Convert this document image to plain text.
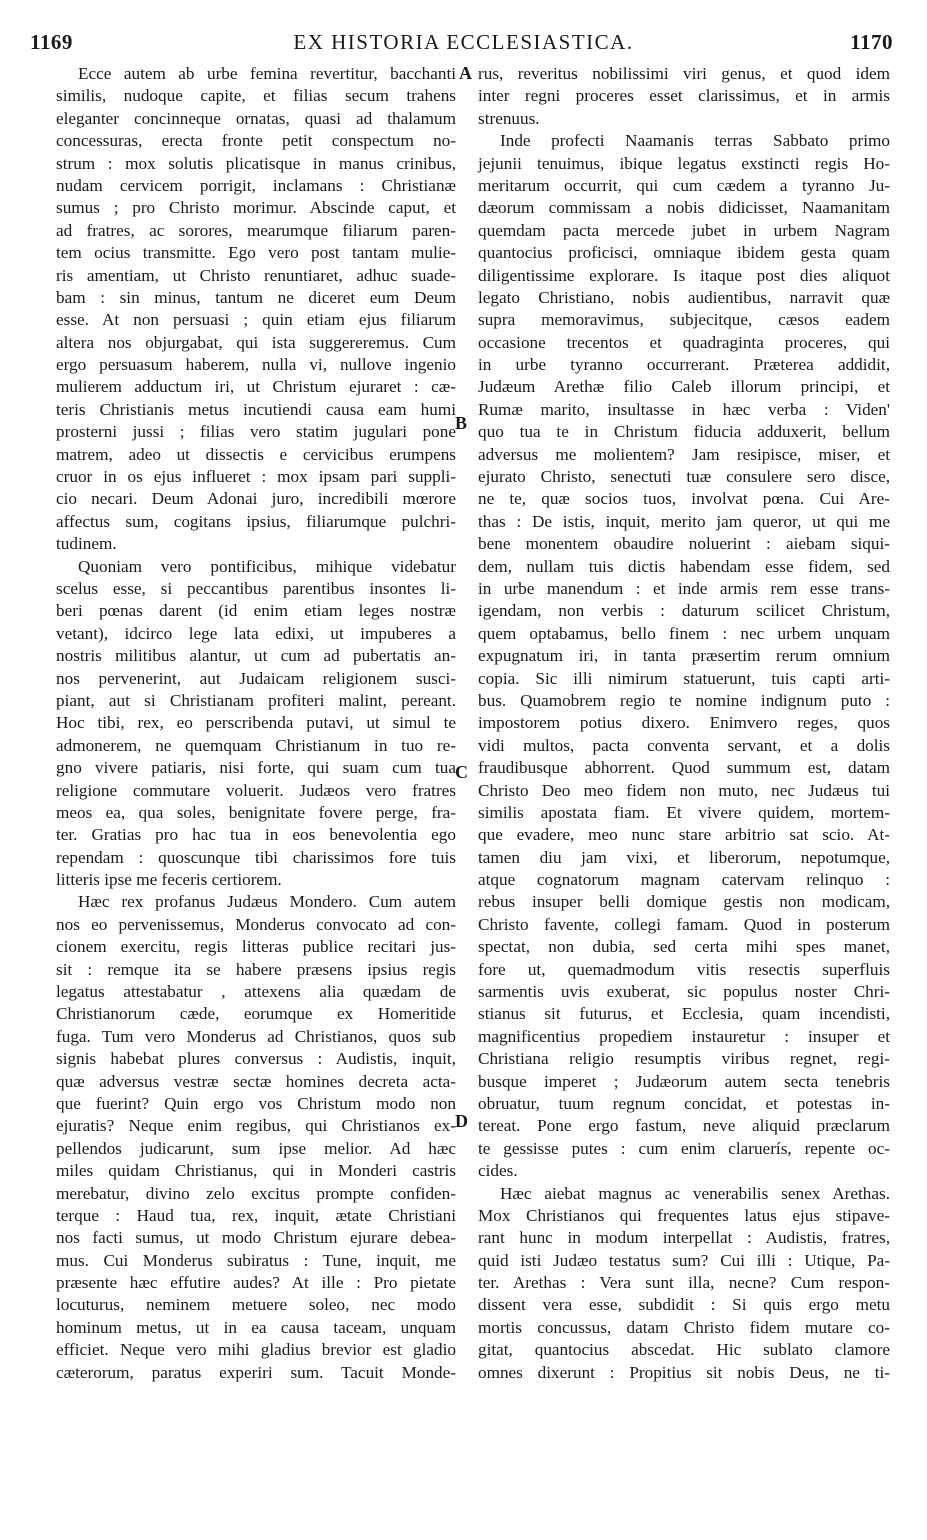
1169	EX HISTORIA ECCLESIASTICA.	1170
Ecce autem ab urbe femina revertitur, bacchanti
similis, nudoque capite, et filias secum trahens
eleganter concinneque ornatas, quasi ad thalamum
concessuras, erecta fronte petit conspectum no-
strum : mox solutis plicatisque in manus crinibus,
nudam cervicem porrigit, inclamans : Christianæ
sumus ; pro Christo morimur. Abscinde caput, et
ad fratres, ac sorores, mearumque filiarum paren-
tem ocius transmitte. Ego vero post tantam mulie-
ris amentiam, ut Christo renuntiaret, adhuc suade-
bam : sin minus, tantum ne diceret eum Deum
esse. At non persuasi ; quin etiam ejus filiarum
altera nos objurgabat, qui ista suggereremus. Cum
ergo persuasum haberem, nulla vi, nullove ingenio
mulierem adductum iri, ut Christum ejuraret : cæ-
teris Christianis metus incutiendi causa eam humi
prosterni jussi ; filias vero statim jugulari pone
matrem, adeo ut dissectis e cervicibus erumpens
cruor in os ejus influeret : mox ipsam pari suppli-
cio necari. Deum Adonai juro, incredibili mœrore
affectus sum, cogitans ipsius, filiarumque pulchri-
tudinem.
Quoniam vero pontificibus, mihique videbatur
scelus esse, si peccantibus parentibus insontes li-
beri pœnas darent (id enim etiam leges nostræ
vetant), idcirco lege lata edixi, ut impuberes a
nostris militibus alantur, ut cum ad pubertatis an-
nos pervenerint, aut Judaicam religionem susci-
piant, aut si Christianam profiteri malint, pereant.
Hoc tibi, rex, eo perscribenda putavi, ut simul te
admonerem, ne quemquam Christianum in tuo re-
gno vivere patiaris, nisi forte, qui suam cum tua
religione commutare voluerit. Judæos vero fratres
meos ea, qua soles, benignitate fovere perge, fra-
ter. Gratias pro hac tua in eos benevolentia ego
rependam : quoscunque tibi charissimos fore tuis
litteris ipse me feceris certiorem.
Hæc rex profanus Judæus Mondero. Cum autem
nos eo pervenissemus, Monderus convocato ad con-
cionem exercitu, regis litteras publice recitari jus-
sit : remque ita se habere præsens ipsius regis
legatus attestabatur , attexens alia quædam de
Christianorum cæde, eorumque ex Homeritide
fuga. Tum vero Monderus ad Christianos, quos sub
signis habebat plures conversus : Audistis, inquit,
quæ adversus vestræ sectæ homines decreta acta-
que fuerint? Quin ergo vos Christum modo non
ejuratis? Neque enim regibus, qui Christianos ex-
pellendos judicarunt, sum ipse melior. Ad hæc
miles quidam Christianus, qui in Monderi castris
merebatur, divino zelo excitus prompte confiden-
terque : Haud tua, rex, inquit, ætate Christiani
nos facti sumus, ut modo Christum ejurare debea-
mus. Cui Monderus subiratus : Tune, inquit, me
præsente hæc effutire audes? At ille : Pro pietate
locuturus, neminem metuere soleo, nec modo
hominum metus, ut in ea causa taceam, unquam
efficiet. Neque vero mihi gladius brevior est gladio
cæterorum, paratus experiri sum. Tacuit Monde-
rus, reveritus nobilissimi viri genus, et quod idem
inter regni proceres esset clarissimus, et in armis
strenuus.
Inde profecti Naamanis terras Sabbato primo
jejunii tenuimus, ibique legatus exstincti regis Ho-
meritarum occurrit, qui cum cædem a tyranno Ju-
dæorum commissam a nobis didicisset, Naamanitam
quemdam pacta mercede jubet in urbem Nagram
quantocius proficisci, omniaque ibidem gesta quam
diligentissime explorare. Is itaque post dies aliquot
legato Christiano, nobis audientibus, narravit quæ
supra memoravimus, subjecitque, cæsos eadem
occasione trecentos et quadraginta proceres, qui
in urbe tyranno occurrerant. Præterea addidit,
Judæum Arethæ filio Caleb illorum principi, et
Rumæ marito, insultasse in hæc verba : Viden'
quo tua te in Christum fiducia adduxerit, bellum
adversus me molientem? Jam resipisce, miser, et
ejurato Christo, senectuti tuæ consulere sero disce,
ne te, quæ socios tuos, involvat pœna. Cui Are-
thas : De istis, inquit, merito jam queror, ut qui me
bene monentem obaudire noluerint : aiebam siqui-
dem, nullam tuis dictis habendam esse fidem, sed
in urbe manendum : et inde armis rem esse trans-
igendam, non verbis : daturum scilicet Christum,
quem optabamus, bello finem : nec urbem unquam
expugnatum iri, in tanta præsertim rerum omnium
copia. Sic illi nimirum statuerunt, tuis capti arti-
bus. Quamobrem regio te nomine indignum puto :
impostorem potius dixero. Enimvero reges, quos
vidi multos, pacta conventa servant, et a dolis
fraudibusque abhorrent. Quod summum est, datam
Christo Deo meo fidem non muto, nec Judæus tui
similis apostata fiam. Et vivere quidem, mortem-
que evadere, meo nunc stare arbitrio sat scio. At-
tamen diu jam vixi, et liberorum, nepotumque,
atque cognatorum magnam catervam relinquo :
rebus insuper belli domique gestis non modicam,
Christo favente, collegi famam. Quod in posterum
spectat, non dubia, sed certa mihi spes manet,
fore ut, quemadmodum vitis resectis superfluis
sarmentis uvis exuberat, sic populus noster Chri-
stianus sit futurus, et Ecclesia, quam incendisti,
magnificentius propediem instauretur : insuper et
Christiana religio resumptis viribus regnet, regi-
busque imperet ; Judæorum autem secta tenebris
obruatur, tuum regnum concidat, et potestas in-
tereat. Pone ergo fastum, neve aliquid præclarum
te gessisse putes : cum enim claruerís, repente oc-
cides.
Hæc aiebat magnus ac venerabilis senex Arethas.
Mox Christianos qui frequentes latus ejus stipave-
rant hunc in modum interpellat : Audistis, fratres,
quid isti Judæo testatus sum? Cui illi : Utique, Pa-
ter. Arethas : Vera sunt illa, necne? Cum respon-
dissent vera esse, subdidit : Si quis ergo metu
mortis concussus, datam Christo fidem mutare co-
gitat, quantocius abscedat. Hic sublato clamore
omnes dixerunt : Propitius sit nobis Deus, ne ti-
A
B
C
D
